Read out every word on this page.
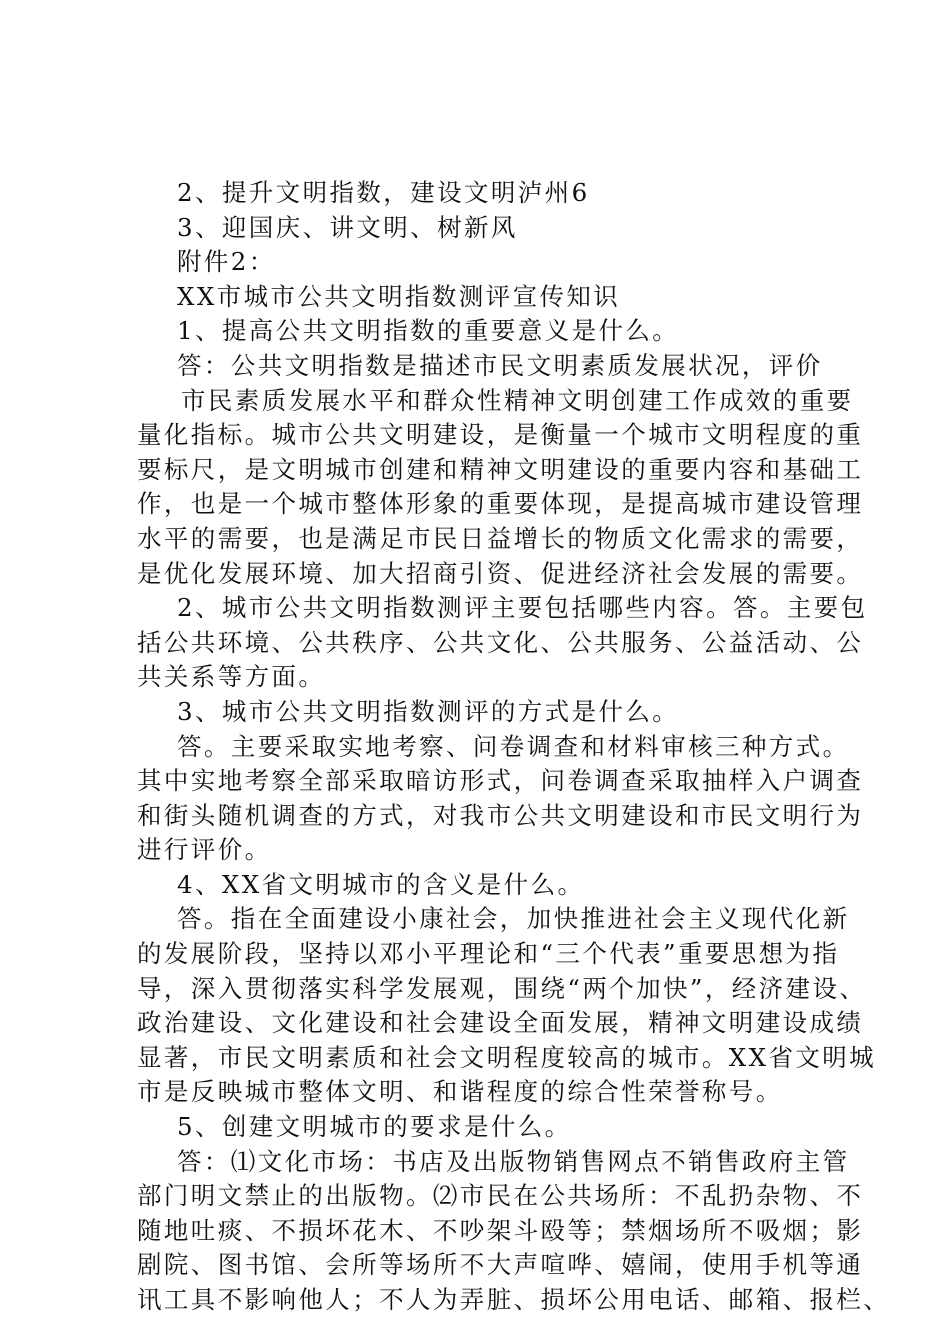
2、提升文明指数，建设文明泸州6
3、迎国庆、讲文明、树新风
附件2：
XX市城市公共文明指数测评宣传知识
1、提高公共文明指数的重要意义是什么。
答：公共文明指数是描述市民文明素质发展状况，评价
市民素质发展水平和群众性精神文明创建工作成效的重要
量化指标。城市公共文明建设，是衡量一个城市文明程度的重
要标尺，是文明城市创建和精神文明建设的重要内容和基础工
作，也是一个城市整体形象的重要体现，是提高城市建设管理
水平的需要，也是满足市民日益增长的物质文化需求的需要，
是优化发展环境、加大招商引资、促进经济社会发展的需要。
2、城市公共文明指数测评主要包括哪些内容。答。主要包
括公共环境、公共秩序、公共文化、公共服务、公益活动、公
共关系等方面。
3、城市公共文明指数测评的方式是什么。
答。主要采取实地考察、问卷调查和材料审核三种方式。
其中实地考察全部采取暗访形式，问卷调查采取抽样入户调查
和街头随机调查的方式，对我市公共文明建设和市民文明行为
进行评价。
4、XX省文明城市的含义是什么。
答。指在全面建设小康社会，加快推进社会主义现代化新
的发展阶段，坚持以邓小平理论和“三个代表”重要思想为指
导，深入贯彻落实科学发展观，围绕“两个加快”，经济建设、
政治建设、文化建设和社会建设全面发展，精神文明建设成绩
显著，市民文明素质和社会文明程度较高的城市。XX省文明城
市是反映城市整体文明、和谐程度的综合性荣誉称号。
5、创建文明城市的要求是什么。
答：⑴文化市场：书店及出版物销售网点不销售政府主管
部门明文禁止的出版物。⑵市民在公共场所：不乱扔杂物、不
随地吐痰、不损坏花木、不吵架斗殴等；禁烟场所不吸烟；影
剧院、图书馆、会所等场所不大声喧哗、嬉闹，使用手机等通
讯工具不影响他人；不人为弄脏、损坏公用电话、邮箱、报栏、
